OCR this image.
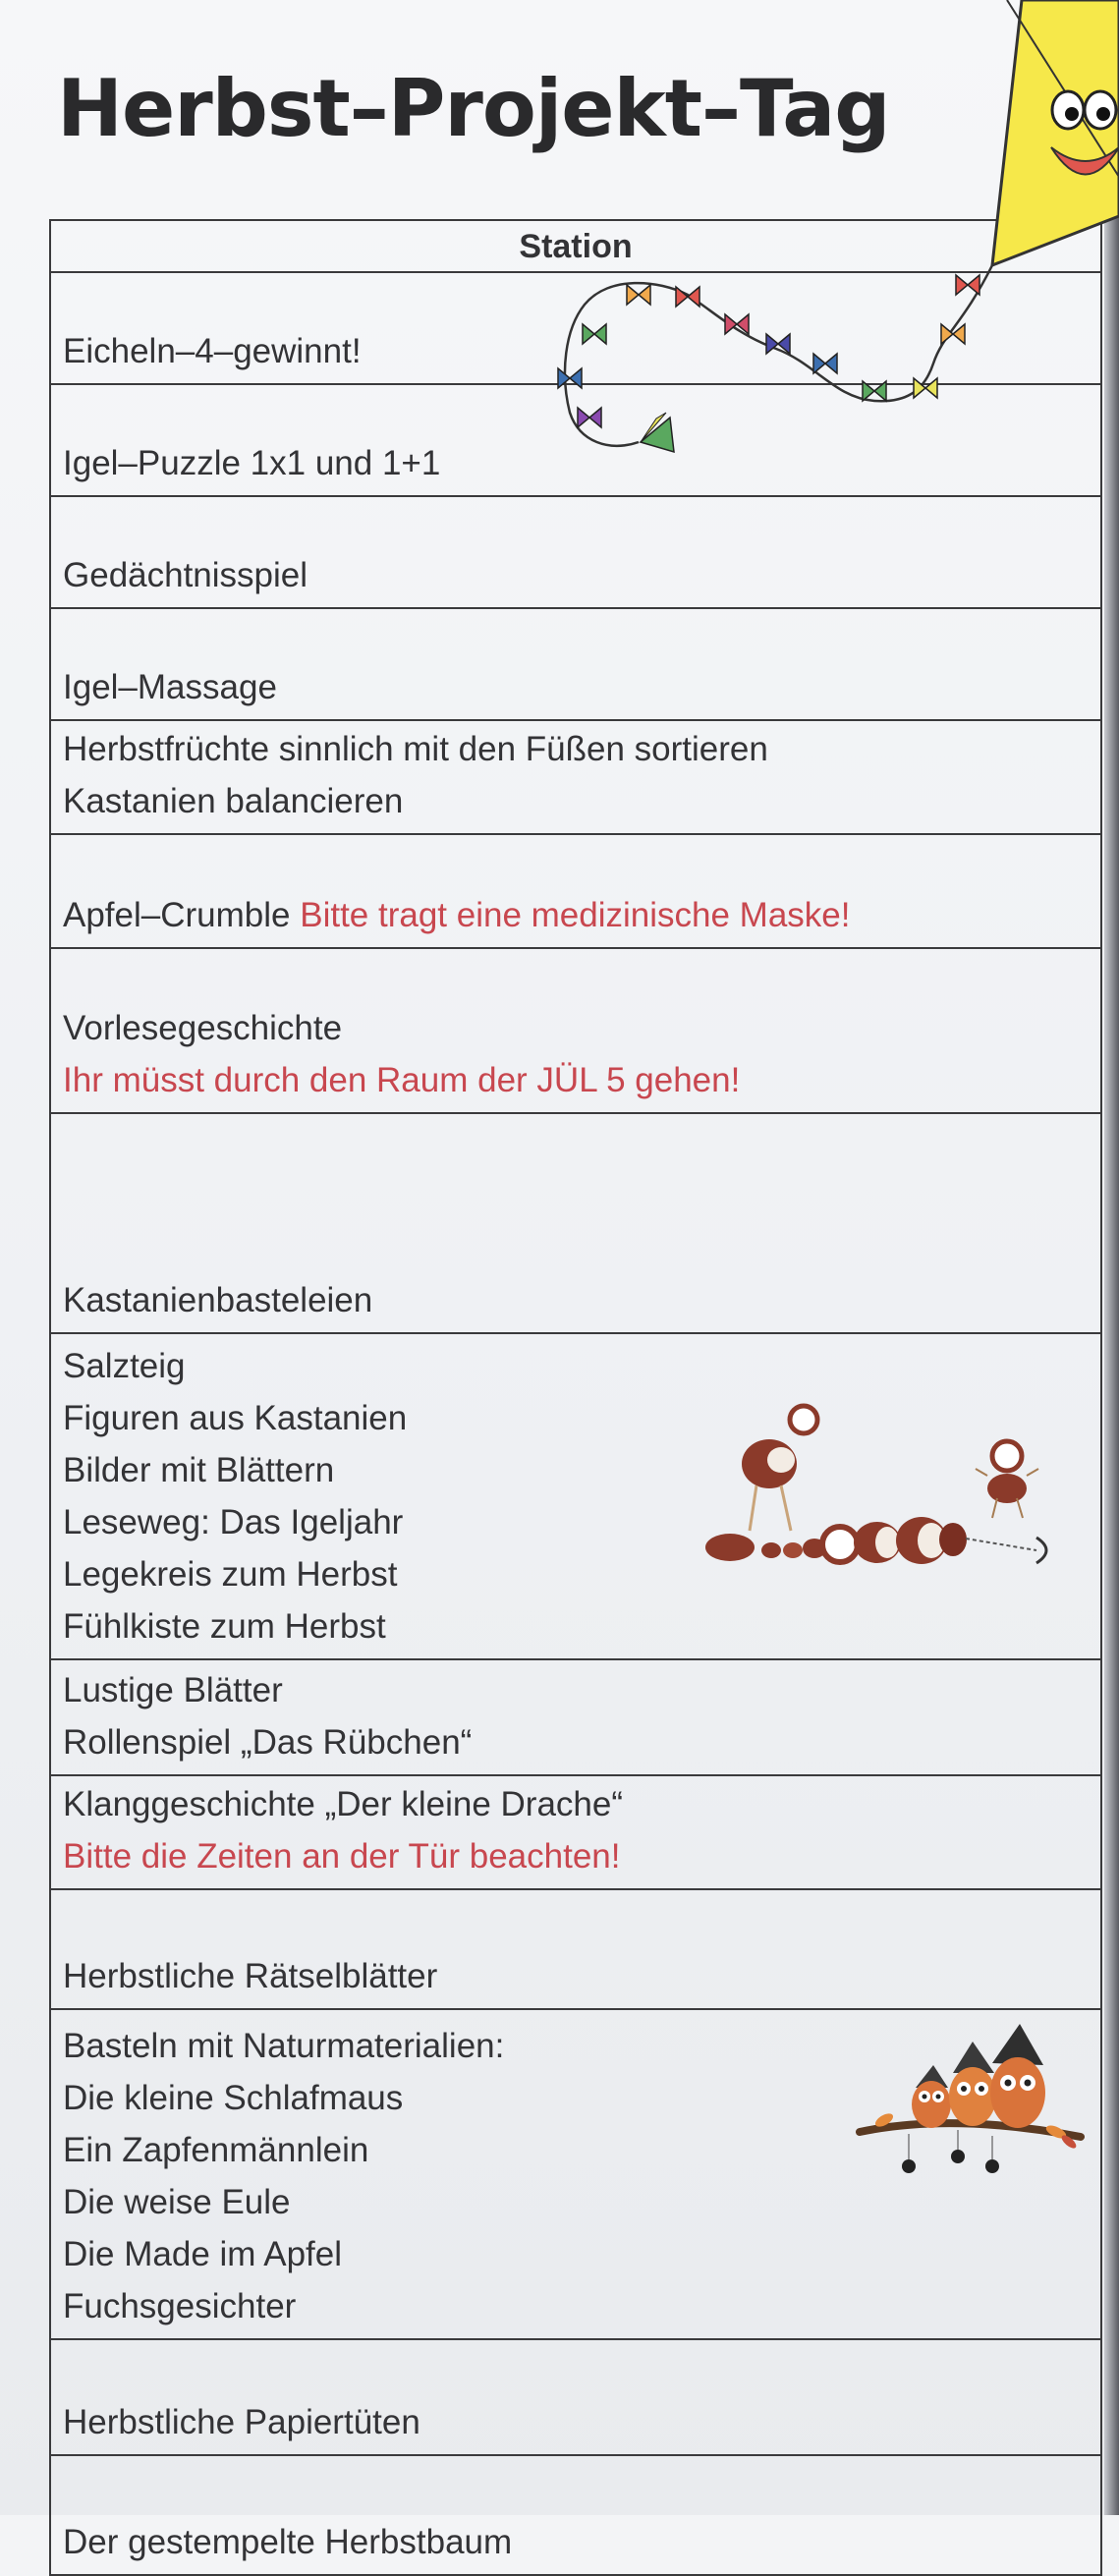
Herbst–Projekt–Tag
Station

Eicheln–4–gewinnt!

Igel–Puzzle 1x1 und 1+1

Gedächtnisspiel

Igel–Massage

Herbstfrüchte sinnlich mit den Füßen sortieren
Kastanien balancieren

Apfel–Crumble Bitte tragt eine medizinische Maske!

Vorlesegeschichte
Ihr müsst durch den Raum der JÜL 5 gehen!

Kastanienbasteleien

Salzteig
Figuren aus Kastanien
Bilder mit Blättern
Leseweg: Das Igeljahr
Legekreis zum Herbst
Fühlkiste zum Herbst

Lustige Blätter
Rollenspiel „Das Rübchen“

Klanggeschichte „Der kleine Drache“
Bitte die Zeiten an der Tür beachten!

Herbstliche Rätselblätter

Basteln mit Naturmaterialien:
Die kleine Schlafmaus
Ein Zapfenmännlein
Die weise Eule
Die Made im Apfel
Fuchsgesichter

Herbstliche Papiertüten

Der gestempelte Herbstbaum
